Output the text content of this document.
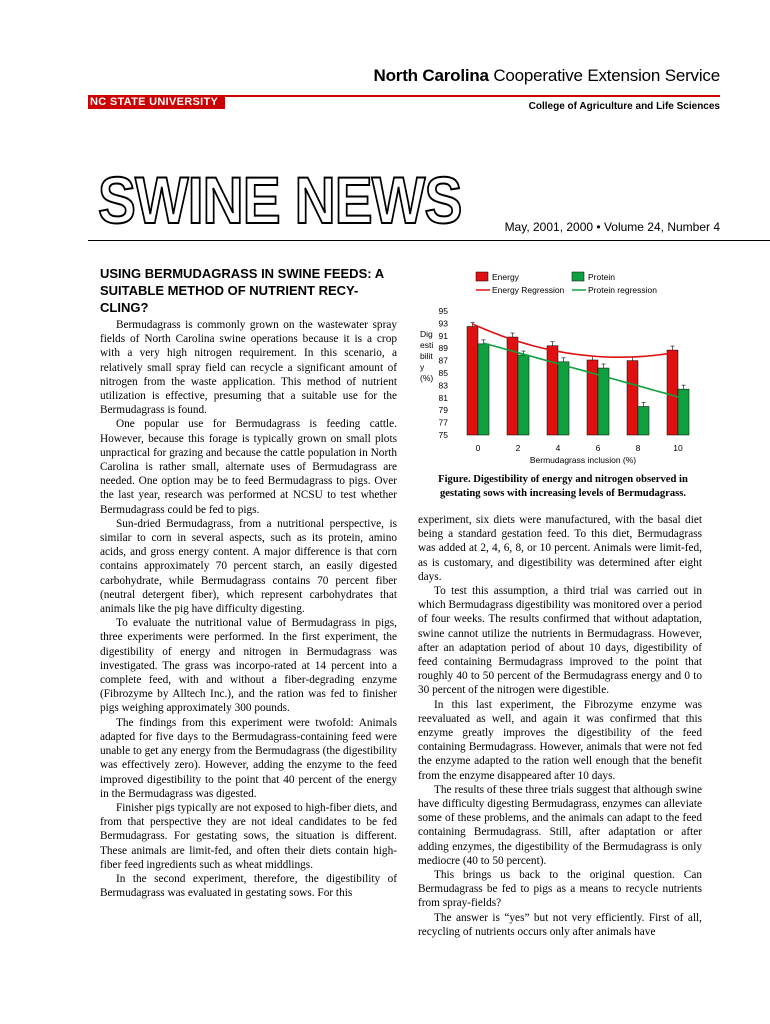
North Carolina Cooperative Extension Service
NC STATE UNIVERSITY	College of Agriculture and Life Sciences
SWINE NEWS	May, 2001, 2000 • Volume 24, Number 4
USING BERMUDAGRASS IN SWINE FEEDS: A SUITABLE METHOD OF NUTRIENT RECY-CLING?

Bermudagrass is commonly grown on the wastewater spray fields of North Carolina swine operations because it is a crop with a very high nitrogen requirement. In this scenario, a relatively small spray field can recycle a significant amount of nitrogen from the waste application. This method of nutrient utilization is effective, presuming that a suitable use for the Bermudagrass is found.

One popular use for Bermudagrass is feeding cattle. However, because this forage is typically grown on small plots unpractical for grazing and because the cattle population in North Carolina is rather small, alternate uses of Bermudagrass are needed. One option may be to feed Bermudagrass to pigs. Over the last year, research was performed at NCSU to test whether Bermudagrass could be fed to pigs.

Sun-dried Bermudagrass, from a nutritional perspective, is similar to corn in several aspects, such as its protein, amino acids, and gross energy content. A major difference is that corn contains approximately 70 percent starch, an easily digested carbohydrate, while Bermudagrass contains 70 percent fiber (neutral detergent fiber), which represent carbohydrates that animals like the pig have difficulty digesting.

To evaluate the nutritional value of Bermudagrass in pigs, three experiments were performed. In the first experiment, the digestibility of energy and nitrogen in Bermudagrass was investigated. The grass was incorpo-rated at 14 percent into a complete feed, with and without a fiber-degrading enzyme (Fibrozyme by Alltech Inc.), and the ration was fed to finisher pigs weighing approximately 300 pounds.

The findings from this experiment were twofold: Animals adapted for five days to the Bermudagrass-containing feed were unable to get any energy from the Bermudagrass (the digestibility was effectively zero). However, adding the enzyme to the feed improved digestibility to the point that 40 percent of the energy in the Bermudagrass was digested.

Finisher pigs typically are not exposed to high-fiber diets, and from that perspective they are not ideal candidates to be fed Bermudagrass. For gestating sows, the situation is different. These animals are limit-fed, and often their diets contain high-fiber feed ingredients such as wheat middlings.

In the second experiment, therefore, the digestibility of Bermudagrass was evaluated in gestating sows. For this

Energy	Protein
Energy Regression	Protein regression
Dig
esti
bilit
y
(%)
Bermudagrass inclusion (%)
95
93
91
89
87
85
83
81
79
77
75
0	2	4	6	8	10
Figure. Digestibility of energy and nitrogen observed in gestating sows with increasing levels of Bermudagrass.

experiment, six diets were manufactured, with the basal diet being a standard gestation feed. To this diet, Bermudagrass was added at 2, 4, 6, 8, or 10 percent. Animals were limit-fed, as is customary, and digestibility was determined after eight days.

To test this assumption, a third trial was carried out in which Bermudagrass digestibility was monitored over a period of four weeks. The results confirmed that without adaptation, swine cannot utilize the nutrients in Bermudagrass. However, after an adaptation period of about 10 days, digestibility of feed containing Bermudagrass improved to the point that roughly 40 to 50 percent of the Bermudagrass energy and 0 to 30 percent of the nitrogen were digestible.

In this last experiment, the Fibrozyme enzyme was reevaluated as well, and again it was confirmed that this enzyme greatly improves the digestibility of the feed containing Bermudagrass. However, animals that were not fed the enzyme adapted to the ration well enough that the benefit from the enzyme disappeared after 10 days.

The results of these three trials suggest that although swine have difficulty digesting Bermudagrass, enzymes can alleviate some of these problems, and the animals can adapt to the feed containing Bermudagrass. Still, after adaptation or after adding enzymes, the digestibility of the Bermudagrass is only mediocre (40 to 50 percent).

This brings us back to the original question. Can Bermudagrass be fed to pigs as a means to recycle nutrients from spray-fields?

The answer is “yes” but not very efficiently. First of all, recycling of nutrients occurs only after animals have
